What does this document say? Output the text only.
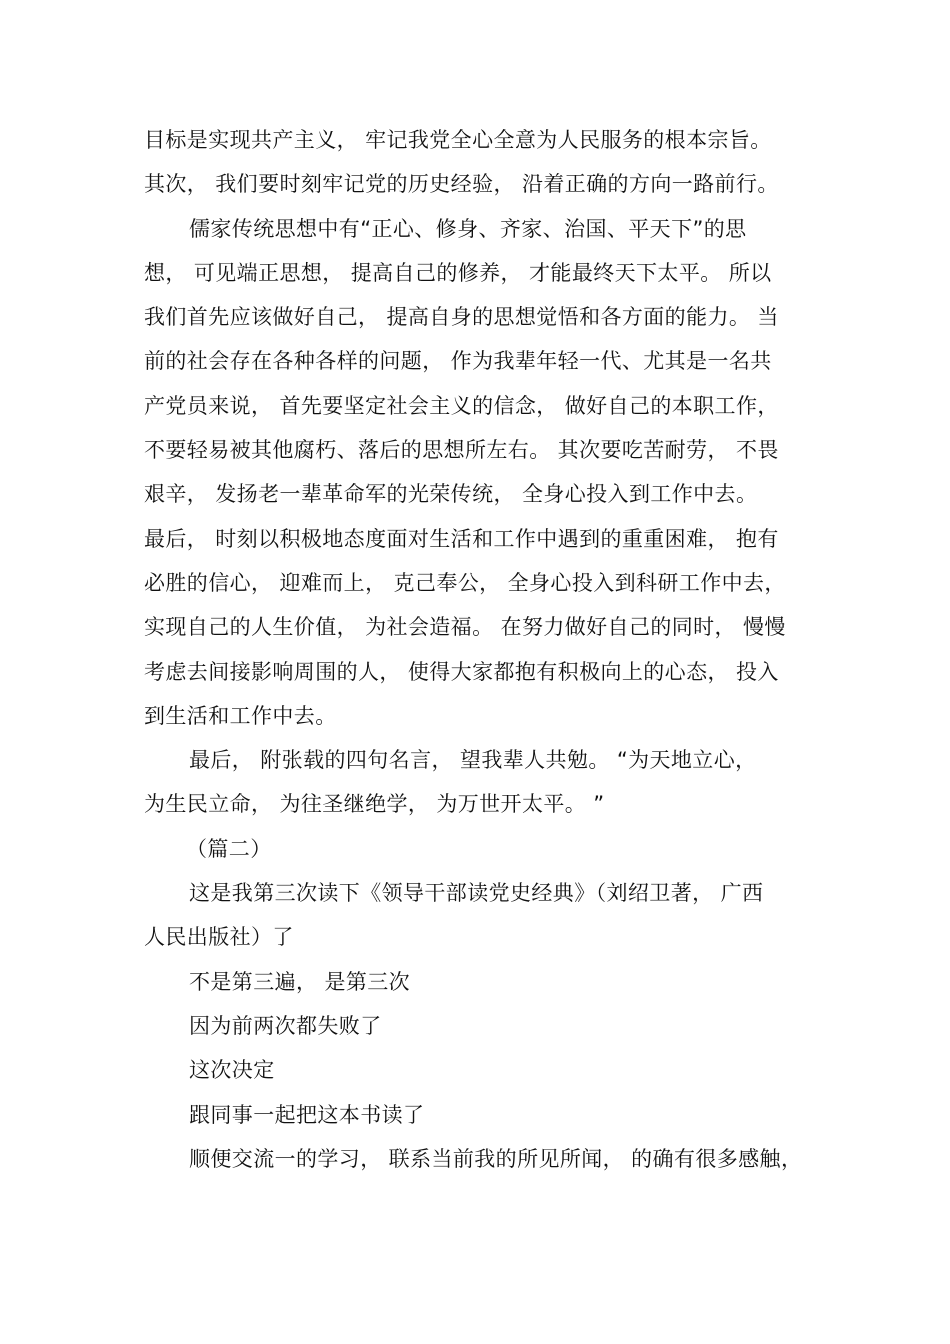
目标是实现共产主义， 牢记我党全心全意为人民服务的根本宗旨。
其次， 我们要时刻牢记党的历史经验， 沿着正确的方向一路前行。
儒家传统思想中有“正心、修身、齐家、治国、平天下”的思
想， 可见端正思想， 提高自己的修养， 才能最终天下太平。 所以
我们首先应该做好自己， 提高自身的思想觉悟和各方面的能力。 当
前的社会存在各种各样的问题， 作为我辈年轻一代、尤其是一名共
产党员来说， 首先要坚定社会主义的信念， 做好自己的本职工作，
不要轻易被其他腐朽、落后的思想所左右。 其次要吃苦耐劳， 不畏
艰辛， 发扬老一辈革命军的光荣传统， 全身心投入到工作中去。
最后， 时刻以积极地态度面对生活和工作中遇到的重重困难， 抱有
必胜的信心， 迎难而上， 克己奉公， 全身心投入到科研工作中去，
实现自己的人生价值， 为社会造福。 在努力做好自己的同时， 慢慢
考虑去间接影响周围的人， 使得大家都抱有积极向上的心态， 投入
到生活和工作中去。
最后， 附张载的四句名言， 望我辈人共勉。 “为天地立心，
为生民立命， 为往圣继绝学， 为万世开太平。 ”
（篇二）
这是我第三次读下《领导干部读党史经典》（刘绍卫著， 广西
人民出版社）了
不是第三遍， 是第三次
因为前两次都失败了
这次决定
跟同事一起把这本书读了
顺便交流一的学习， 联系当前我的所见所闻， 的确有很多感触，
